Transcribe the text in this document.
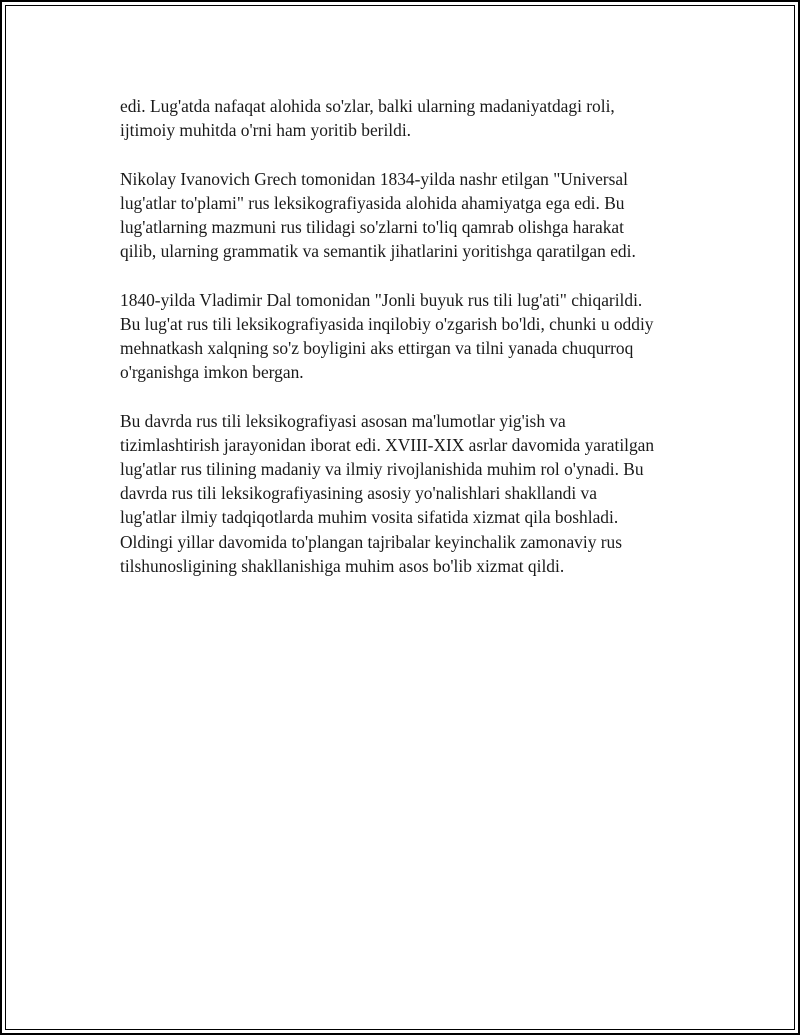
edi. Lug'atda nafaqat alohida so'zlar, balki ularning madaniyatdagi roli,
ijtimoiy muhitda o'rni ham yoritib berildi.

Nikolay Ivanovich Grech tomonidan 1834-yilda nashr etilgan "Universal
lug'atlar to'plami" rus leksikografiyasida alohida ahamiyatga ega edi. Bu
lug'atlarning mazmuni rus tilidagi so'zlarni to'liq qamrab olishga harakat
qilib, ularning grammatik va semantik jihatlarini yoritishga qaratilgan edi.

1840-yilda Vladimir Dal tomonidan "Jonli buyuk rus tili lug'ati" chiqarildi.
Bu lug'at rus tili leksikografiyasida inqilobiy o'zgarish bo'ldi, chunki u oddiy
mehnatkash xalqning so'z boyligini aks ettirgan va tilni yanada chuqurroq
o'rganishga imkon bergan.

Bu davrda rus tili leksikografiyasi asosan ma'lumotlar yig'ish va
tizimlashtirish jarayonidan iborat edi. XVIII-XIX asrlar davomida yaratilgan
lug'atlar rus tilining madaniy va ilmiy rivojlanishida muhim rol o'ynadi. Bu
davrda rus tili leksikografiyasining asosiy yo'nalishlari shakllandi va
lug'atlar ilmiy tadqiqotlarda muhim vosita sifatida xizmat qila boshladi.
Oldingi yillar davomida to'plangan tajribalar keyinchalik zamonaviy rus
tilshunosligining shakllanishiga muhim asos bo'lib xizmat qildi.
